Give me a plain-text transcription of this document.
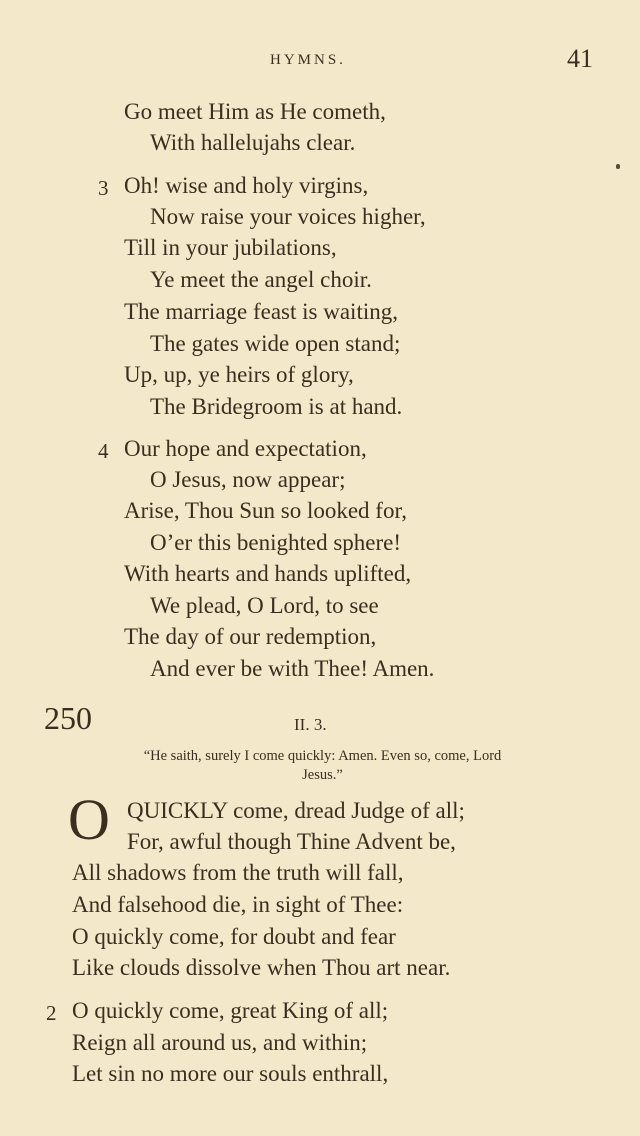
HYMNS.	41
Go meet Him as He cometh,
With hallelujahs clear.
3 Oh! wise and holy virgins,
Now raise your voices higher,
Till in your jubilations,
Ye meet the angel choir.
The marriage feast is waiting,
The gates wide open stand;
Up, up, ye heirs of glory,
The Bridegroom is at hand.
4 Our hope and expectation,
O Jesus, now appear;
Arise, Thou Sun so looked for,
O’er this benighted sphere!
With hearts and hands uplifted,
We plead, O Lord, to see
The day of our redemption,
And ever be with Thee! Amen.
250	II. 3.
“He saith, surely I come quickly: Amen. Even so, come, Lord
Jesus.”
O QUICKLY come, dread Judge of all;
For, awful though Thine Advent be,
All shadows from the truth will fall,
And falsehood die, in sight of Thee:
O quickly come, for doubt and fear
Like clouds dissolve when Thou art near.
2 O quickly come, great King of all;
Reign all around us, and within;
Let sin no more our souls enthrall,
